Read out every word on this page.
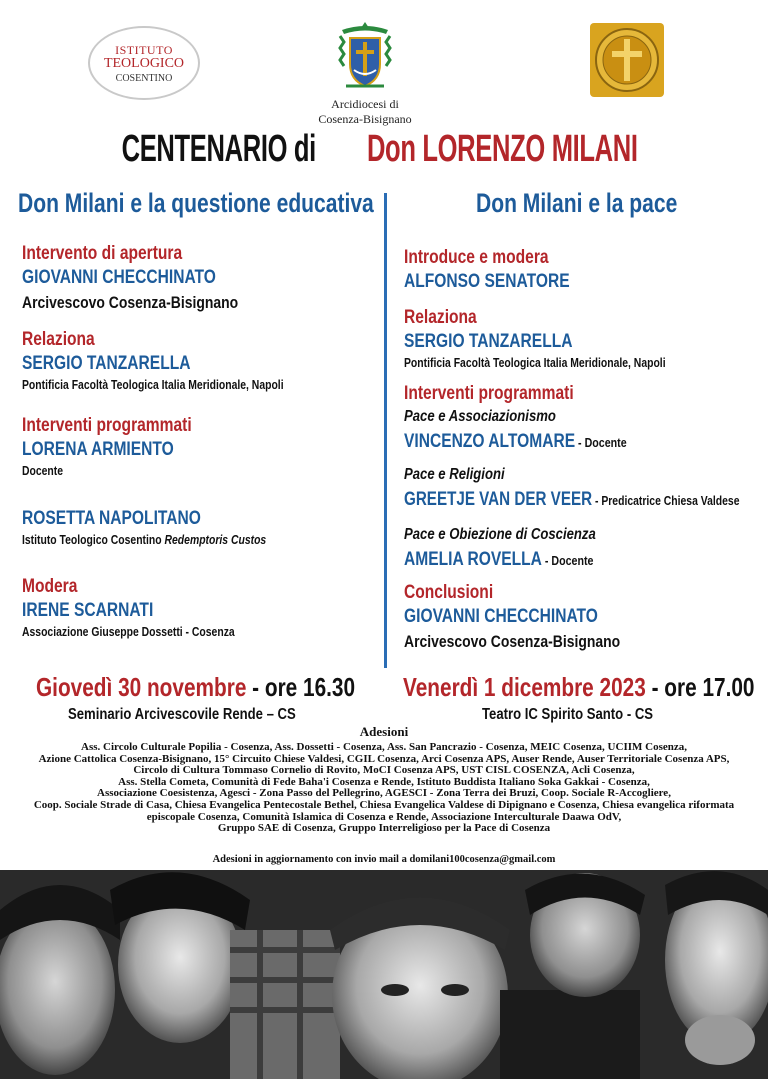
ISTITUTO
TEOLOGICO
COSENTINO
Arcidiocesi di
Cosenza-Bisignano
CENTENARIO diDon LORENZO MILANI
Don Milani e la questione educativa
Intervento di apertura
GIOVANNI CHECCHINATO
Arcivescovo Cosenza-Bisignano
Relaziona
SERGIO TANZARELLA
Pontificia Facoltà Teologica Italia Meridionale, Napoli
Interventi programmati
LORENA ARMIENTO
Docente
ROSETTA NAPOLITANO
Istituto Teologico Cosentino Redemptoris Custos
Modera
IRENE SCARNATI
Associazione Giuseppe Dossetti - Cosenza
Giovedì 30 novembre - ore 16.30
Seminario Arcivescovile Rende – CS
Don Milani e la pace
Introduce e modera
ALFONSO SENATORE
Relaziona
SERGIO TANZARELLA
Pontificia Facoltà Teologica Italia Meridionale, Napoli
Interventi programmati
Pace e Associazionismo
VINCENZO ALTOMARE - Docente
Pace e Religioni
GREETJE VAN DER VEER - Predicatrice Chiesa Valdese
Pace e Obiezione di Coscienza
AMELIA ROVELLA - Docente
Conclusioni
GIOVANNI CHECCHINATO
Arcivescovo Cosenza-Bisignano
Venerdì 1 dicembre 2023 - ore 17.00
Teatro IC Spirito Santo - CS
Adesioni
Ass. Circolo Culturale Popilia - Cosenza, Ass. Dossetti - Cosenza, Ass. San Pancrazio - Cosenza, MEIC Cosenza, UCIIM Cosenza,
Azione Cattolica Cosenza-Bisignano, 15° Circuito Chiese Valdesi, CGIL Cosenza, Arci Cosenza APS, Auser Rende, Auser Territoriale Cosenza APS,
Circolo di Cultura Tommaso Cornelio di Rovito, MoCI Cosenza APS, UST CISL COSENZA, Acli Cosenza,
Ass. Stella Cometa, Comunità di Fede Baha'i Cosenza e Rende, Istituto Buddista Italiano Soka Gakkai - Cosenza,
Associazione Coesistenza, Agesci - Zona Passo del Pellegrino, AGESCI - Zona Terra dei Bruzi, Coop. Sociale R-Accogliere,
Coop. Sociale Strade di Casa, Chiesa Evangelica Pentecostale Bethel, Chiesa Evangelica Valdese di Dipignano e Cosenza, Chiesa evangelica riformata
episcopale Cosenza, Comunità Islamica di Cosenza e Rende, Associazione Interculturale Daawa OdV,
Gruppo SAE di Cosenza, Gruppo Interreligioso per la Pace di Cosenza
Adesioni in aggiornamento con invio mail a domilani100cosenza@gmail.com
